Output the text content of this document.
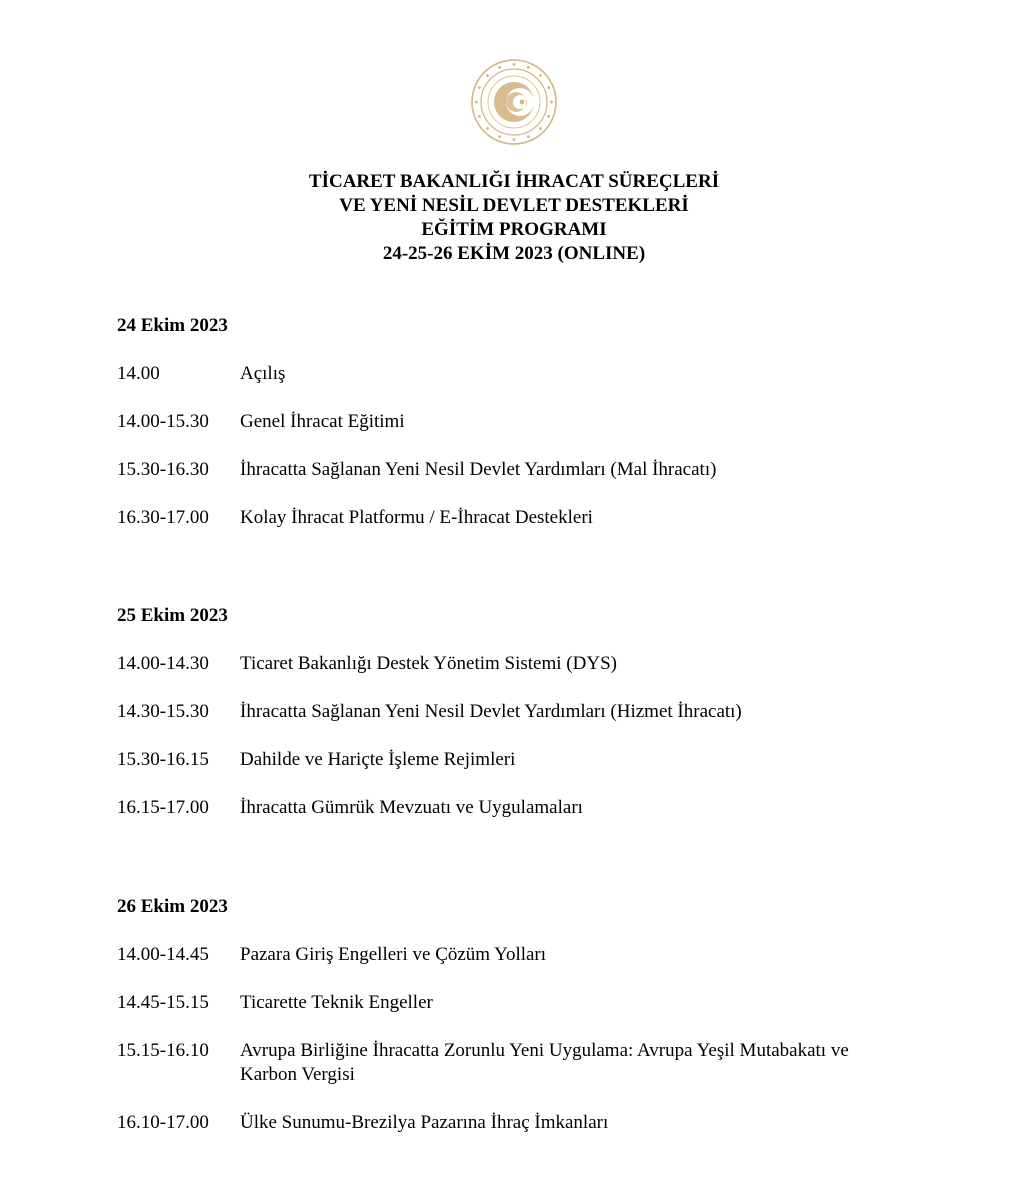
TİCARET BAKANLIĞI İHRACAT SÜREÇLERİ
VE YENİ NESİL DEVLET DESTEKLERİ
EĞİTİM PROGRAMI
24-25-26 EKİM 2023 (ONLINE)

24 Ekim 2023

14.00	Açılış
14.00-15.30	Genel İhracat Eğitimi
15.30-16.30	İhracatta Sağlanan Yeni Nesil Devlet Yardımları (Mal İhracatı)
16.30-17.00	Kolay İhracat Platformu / E-İhracat Destekleri

25 Ekim 2023

14.00-14.30	Ticaret Bakanlığı Destek Yönetim Sistemi (DYS)
14.30-15.30	İhracatta Sağlanan Yeni Nesil Devlet Yardımları (Hizmet İhracatı)
15.30-16.15	Dahilde ve Hariçte İşleme Rejimleri
16.15-17.00	İhracatta Gümrük Mevzuatı ve Uygulamaları

26 Ekim 2023

14.00-14.45	Pazara Giriş Engelleri ve Çözüm Yolları
14.45-15.15	Ticarette Teknik Engeller
15.15-16.10	Avrupa Birliğine İhracatta Zorunlu Yeni Uygulama: Avrupa Yeşil Mutabakatı ve Karbon Vergisi
16.10-17.00	Ülke Sunumu-Brezilya Pazarına İhraç İmkanları
